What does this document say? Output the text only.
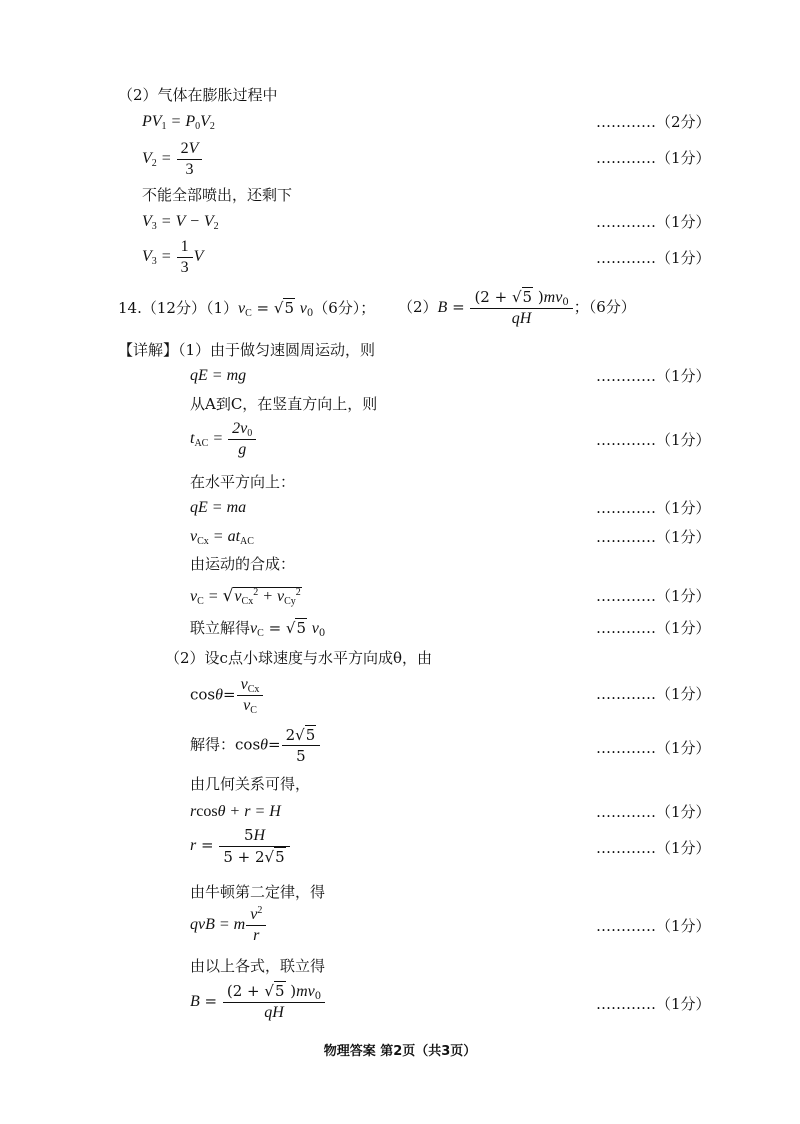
（2）气体在膨胀过程中
$PV_1 = P_0V_2$	…………（2分）
$V_2 = \frac{2V}{3}$	…………（1分）
不能全部喷出，还剩下
$V_3 = V - V_2$	…………（1分）
$V_3 = \frac{1}{3}$ V	…………（1分）
14.（12分）$(1)v_C = √5$ $v_0(6$分）； $(2)B = \frac{(2 + √5 )mv_0}{qH}$ ；（6分）
【详解】（1）由于做匀速圆周运动，则
qE = mg	…………（1分）
从A到C，在竖直方向上，则
$t_{AC} = \frac{2v_0}{g}$	…………（1分）
在水平方向上：
qE = ma	…………（1分）
$v_{Cx} = at_{AC}$	…………（1分）
由运动的合成：
$v_C = √v_{Cx}^2 + v_{Cy}^2$	…………（1分）
联立解得$v_C = √5$ $v_0$	…………（1分）
（2）设c点小球速度与水平方向成θ，由
$\cos\theta= \frac{v_{Cx}}{v_C}$	…………（1分）
解得：$\cos\theta= \frac{2√5}{5}$	…………（1分）
由几何关系可得，
rcosθ + r = H	…………（1分）
$r = \frac{5H}{5 + 2√5}$	…………（1分）
由牛顿第二定律，得
qvB = m $\frac{v^2}{r}$	…………（1分）
由以上各式，联立得
$B = \frac{(2 + √5 )mv_0}{qH}$	…………（1分）
物理答案 第2页（共3页）
